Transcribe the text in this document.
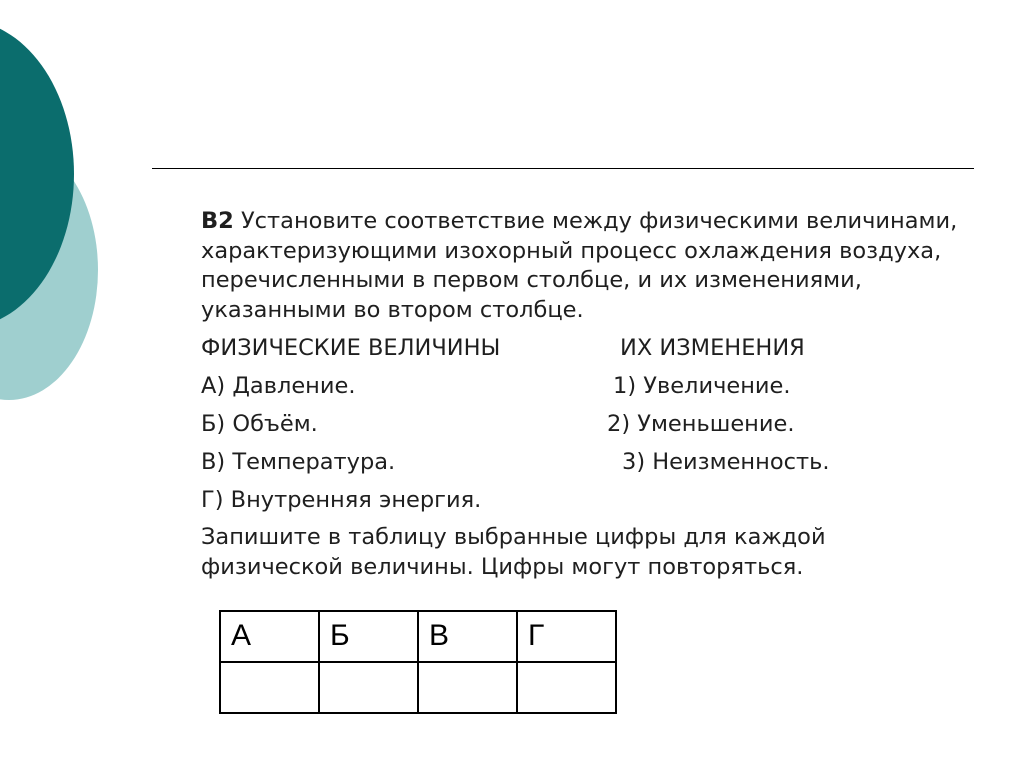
В2 Установите соответствие между физическими величинами, характеризующими изохорный процесс охлаждения воздуха, перечисленными в первом столбце, и их изменениями, указанными во втором столбце.

ФИЗИЧЕСКИЕ ВЕЛИЧИНЫ	ИХ ИЗМЕНЕНИЯ
А) Давление.	1) Увеличение.
Б) Объём.	2) Уменьшение.
В) Температура.	3) Неизменность.
Г) Внутренняя энергия.

Запишите в таблицу выбранные цифры для каждой физической величины. Цифры могут повторяться.

А	Б	В	Г
